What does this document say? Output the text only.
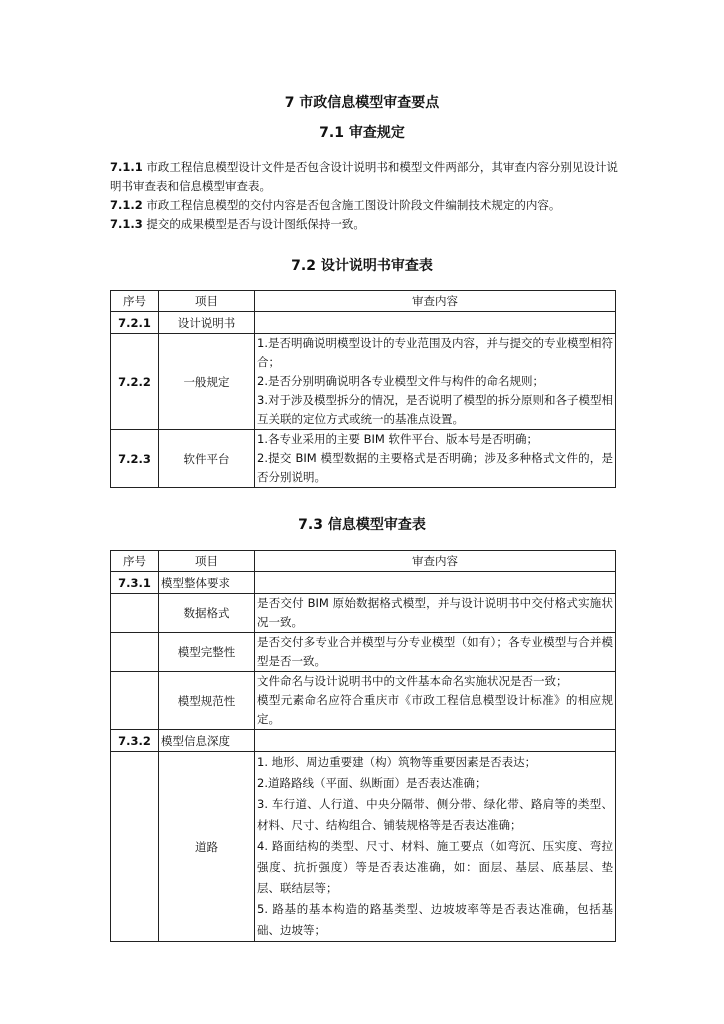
7 市政信息模型审查要点
7.1 审查规定

7.1.1 市政工程信息模型设计文件是否包含设计说明书和模型文件两部分，其审查内容分别见设计说明书审查表和信息模型审查表。

7.1.2 市政工程信息模型的交付内容是否包含施工图设计阶段文件编制技术规定的内容。

7.1.3 提交的成果模型是否与设计图纸保持一致。

7.2 设计说明书审查表
序号	项目	审查内容
7.2.1	设计说明书	
7.2.2	一般规定	1.是否明确说明模型设计的专业范围及内容，并与提交的专业模型相符合；
2.是否分别明确说明各专业模型文件与构件的命名规则；
3.对于涉及模型拆分的情况，是否说明了模型的拆分原则和各子模型相互关联的定位方式或统一的基准点设置。

7.2.3	软件平台	1.各专业采用的主要 BIM 软件平台、版本号是否明确；
2.提交 BIM 模型数据的主要格式是否明确；涉及多种格式文件的，是否分别说明。
7.3 信息模型审查表
序号	项目	审查内容
7.3.1	模型整体要求	
	数据格式	是否交付 BIM 原始数据格式模型，并与设计说明书中交付格式实施状况一致。

	模型完整性	是否交付多专业合并模型与分专业模型（如有）；各专业模型与合并模型是否一致。

	模型规范性	文件命名与设计说明书中的文件基本命名实施状况是否一致；
模型元素命名应符合重庆市《市政工程信息模型设计标准》的相应规定。

7.3.2	模型信息深度	
	道路	1. 地形、周边重要建（构）筑物等重要因素是否表达；
2.道路路线（平面、纵断面）是否表达准确；
3. 车行道、人行道、中央分隔带、侧分带、绿化带、路肩等的类型、材料、尺寸、结构组合、铺装规格等是否表达准确；
4. 路面结构的类型、尺寸、材料、施工要点（如弯沉、压实度、弯拉强度、抗折强度）等是否表达准确，如：面层、基层、底基层、垫层、联结层等；
5. 路基的基本构造的路基类型、边坡坡率等是否表达准确，包括基础、边坡等；
